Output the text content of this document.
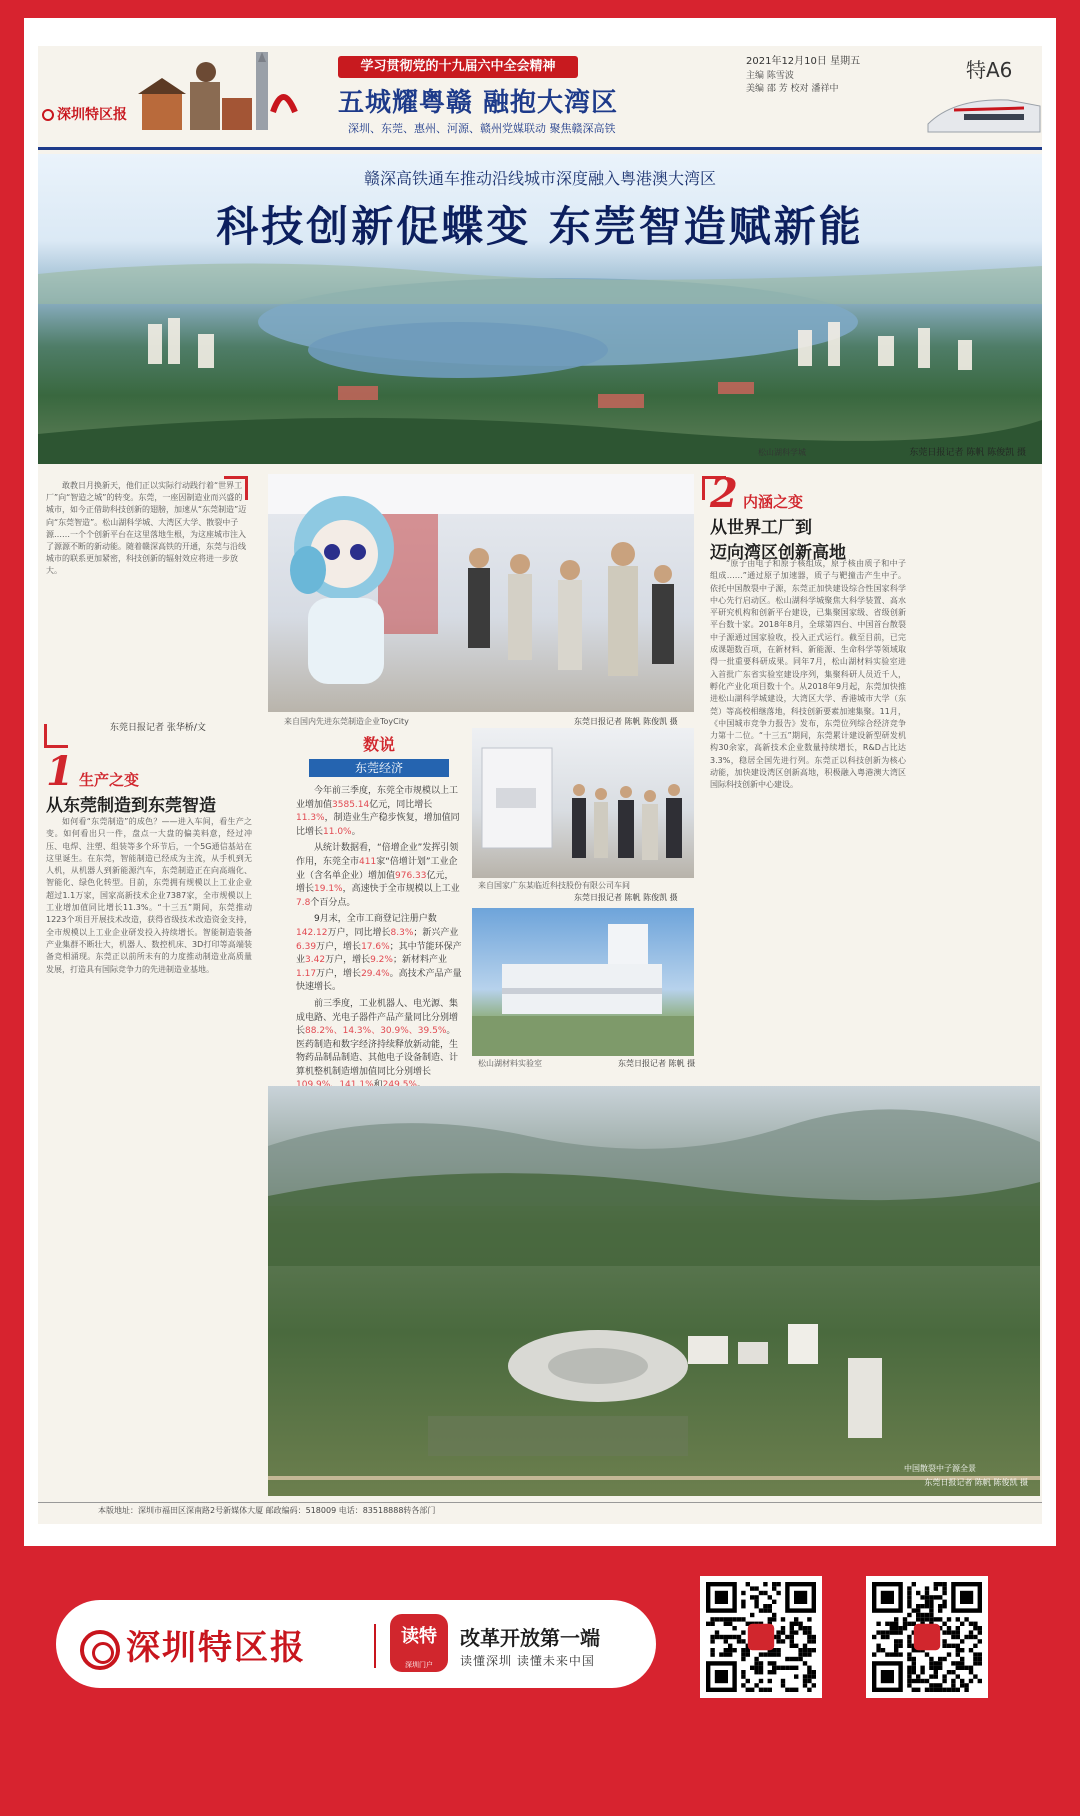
深圳特区报
学习贯彻党的十九届六中全会精神
五城耀粤赣 融抱大湾区
深圳、东莞、惠州、河源、赣州党媒联动 聚焦赣深高铁
2021年12月10日 星期五
主编 陈雪波
美编 邵 芳 校对 潘祥中
特A6
赣深高铁通车推动沿线城市深度融入粤港澳大湾区
科技创新促蝶变 东莞智造赋新能
松山湖科学城	东莞日报记者 陈帆 陈俊凯 摄
敢教日月换新天，他们正以实际行动践行着“世界工厂”向“智造之城”的转变。东莞，一座因制造业而兴盛的城市，如今正借助科技创新的翅膀，加速从“东莞制造”迈向“东莞智造”。松山湖科学城、大湾区大学、散裂中子源……一个个创新平台在这里落地生根，为这座城市注入了源源不断的新动能。随着赣深高铁的开通，东莞与沿线城市的联系更加紧密，科技创新的辐射效应将进一步放大。
东莞日报记者 张华桥/文
1 生产之变
从东莞制造到东莞智造
如何看“东莞制造”的成色？——进入车间，看生产之变。如何看出只一件，盘点一大盘的偏美料意，经过冲压、电焊、注塑、组装等多个环节后，一个5G通信基站在这里诞生。在东莞，智能制造已经成为主流，从手机到无人机，从机器人到新能源汽车，东莞制造正在向高端化、智能化、绿色化转型。目前，东莞拥有规模以上工业企业超过1.1万家，国家高新技术企业7387家，全市规模以上工业增加值同比增长11.3%。“十三五”期间，东莞推动1223个项目开展技术改造，获得省级技术改造资金支持，全市规模以上工业企业研发投入持续增长。智能制造装备产业集群不断壮大，机器人、数控机床、3D打印等高端装备竞相涌现。东莞正以前所未有的力度推动制造业高质量发展，打造具有国际竞争力的先进制造业基地。
来自国内先进东莞制造企业ToyCity	东莞日报记者 陈帆 陈俊凯 摄
数说
东莞经济

今年前三季度，东莞全市规模以上工业增加值3585.14亿元，同比增长11.3%，制造业生产稳步恢复，增加值同比增长11.0%。

从统计数据看，“倍增企业”发挥引领作用，东莞全市411家“倍增计划”工业企业（含名单企业）增加值976.33亿元，增长19.1%，高速快于全市规模以上工业7.8个百分点。

9月末，全市工商登记注册户数142.12万户，同比增长8.3%；新兴产业6.39万户，增长17.6%；其中节能环保产业3.42万户，增长9.2%；新材料产业1.17万户，增长29.4%。高技术产品产量快速增长。

前三季度，工业机器人、电光源、集成电路、光电子器件产品产量同比分别增长88.2%、14.3%、30.9%、39.5%。医药制造和数字经济持续释放新动能，生物药品制品制造、其他电子设备制造、计算机整机制造增加值同比分别增长

来自国家广东某临近科技股份有限公司车间
东莞日报记者 陈帆 陈俊凯 摄
松山湖材料实验室	东莞日报记者 陈帆 摄
2 内涵之变
从世界工厂到
迈向湾区创新高地
“原子由电子和原子核组成，原子核由质子和中子组成……”通过原子加速器，质子与靶撞击产生中子。依托中国散裂中子源，东莞正加快建设综合性国家科学中心先行启动区。松山湖科学城聚焦大科学装置、高水平研究机构和创新平台建设，已集聚国家级、省级创新平台数十家。2018年8月，全球第四台、中国首台散裂中子源通过国家验收，投入正式运行。截至目前，已完成课题数百项，在新材料、新能源、生命科学等领域取得一批重要科研成果。同年7月，松山湖材料实验室进入首批广东省实验室建设序列，集聚科研人员近千人，孵化产业化项目数十个。从2018年9月起，东莞加快推进松山湖科学城建设，大湾区大学、香港城市大学（东莞）等高校相继落地，科技创新要素加速集聚。11月，《中国城市竞争力报告》发布，东莞位列综合经济竞争力第十二位。“十三五”期间，东莞累计建设新型研发机构30余家，高新技术企业数量持续增长，R&D占比达3.3%，稳居全国先进行列。东莞正以科技创新为核心动能，加快建设湾区创新高地，积极融入粤港澳大湾区国际科技创新中心建设。
中国散裂中子源全景
东莞日报记者 陈帆 陈俊凯 摄
本版地址：深圳市福田区深南路2号新媒体大厦 邮政编码：518009 电话：83518888转各部门
深圳特区报	读特
深圳门户
改革开放第一端
读懂深圳 读懂未来中国
